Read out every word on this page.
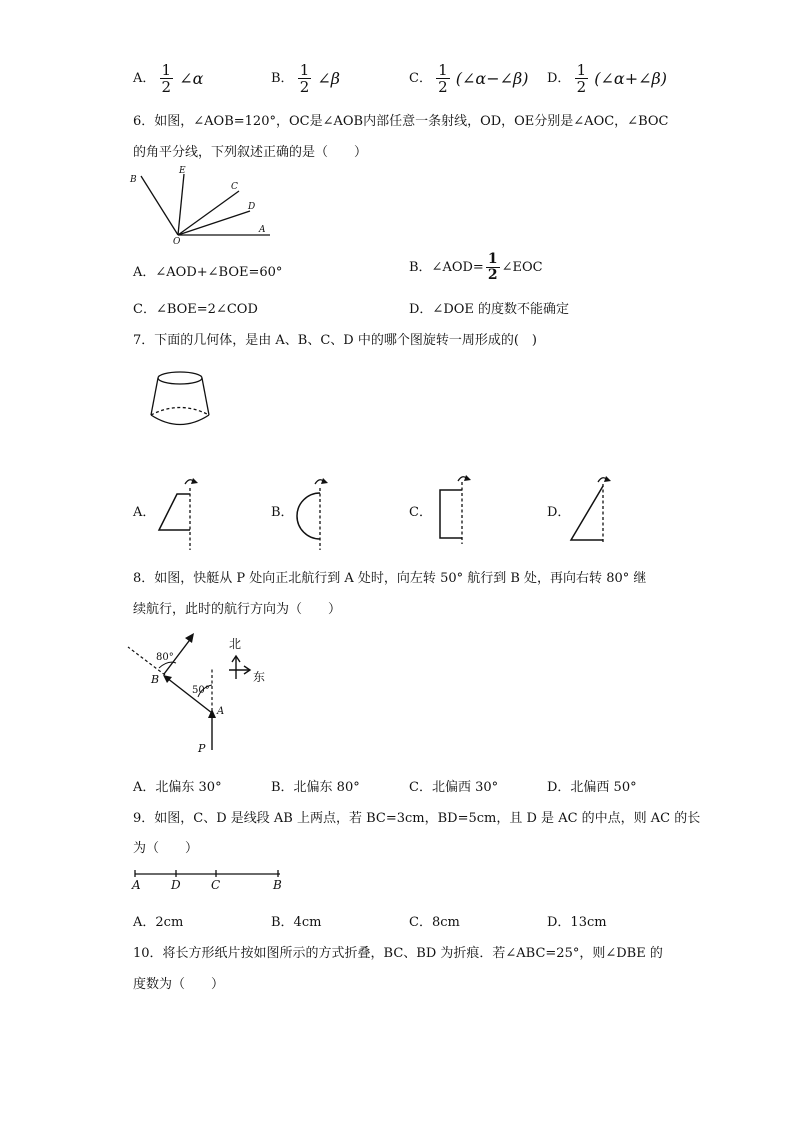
A． $\frac{1}{2}$ ∠α	B． $\frac{1}{2}$ ∠β	C． $\frac{1}{2}$ (∠α−∠β) D． $\frac{1}{2}$ (∠α+∠β)
6．如图，∠AOB=120°，OC是∠AOB内部任意一条射线，OD，OE分别是∠AOC，∠BOC
的角平分线，下列叙述正确的是（　　）
B
E
C
D
O
A
A．∠AOD+∠BOE=60°	B．∠AOD= $\frac{1}{2}$ ∠EOC
C．∠BOE=2∠COD	D．∠DOE 的度数不能确定
7．下面的几何体，是由 A、B、C、D 中的哪个图旋转一周形成的(　)
A．	B．	C．	D．
8．如图，快艇从 P 处向正北航行到 A 处时，向左转 50° 航行到 B 处，再向右转 80° 继
续航行，此时的航行方向为（　　）
80°
50°
B
A
P
北
东
A．北偏东 30°	B．北偏东 80°	C．北偏西 30°	D．北偏西 50°
9．如图，C、D 是线段 AB 上两点，若 BC=3cm，BD=5cm，且 D 是 AC 的中点，则 AC 的长
为（　　）
A	D	C	B
A．2cm	B．4cm	C．8cm	D．13cm
10．将长方形纸片按如图所示的方式折叠，BC、BD 为折痕．若∠ABC=25°，则∠DBE 的
度数为（　　）
